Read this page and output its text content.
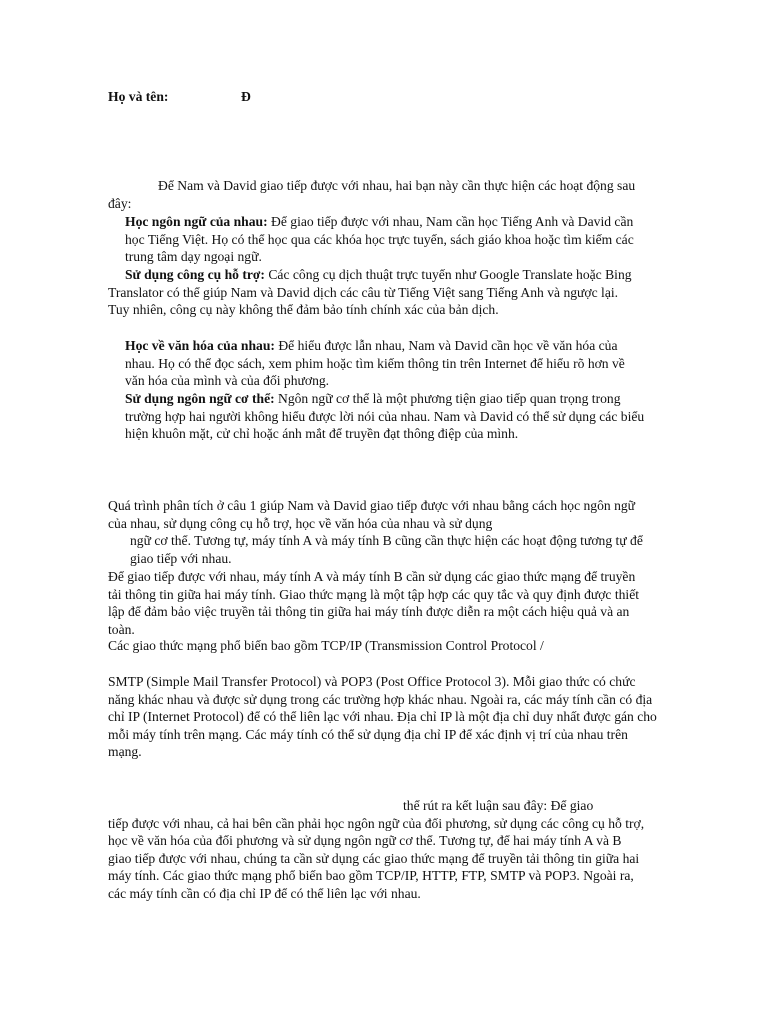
Họ và tên:	Đ
Để Nam và David giao tiếp được với nhau, hai bạn này cần thực hiện các hoạt động sau đây:
Học ngôn ngữ của nhau: Để giao tiếp được với nhau, Nam cần học Tiếng Anh và David cần học Tiếng Việt. Họ có thể học qua các khóa học trực tuyến, sách giáo khoa hoặc tìm kiếm các trung tâm dạy ngoại ngữ.
Sử dụng công cụ hỗ trợ: Các công cụ dịch thuật trực tuyến như Google Translate hoặc Bing Translator có thể giúp Nam và David dịch các câu từ Tiếng Việt sang Tiếng Anh và ngược lại. Tuy nhiên, công cụ này không thể đảm bảo tính chính xác của bản dịch.
Học về văn hóa của nhau: Để hiểu được lẫn nhau, Nam và David cần học về văn hóa của nhau. Họ có thể đọc sách, xem phim hoặc tìm kiếm thông tin trên Internet để hiểu rõ hơn về văn hóa của mình và của đối phương.
Sử dụng ngôn ngữ cơ thể: Ngôn ngữ cơ thể là một phương tiện giao tiếp quan trọng trong trường hợp hai người không hiểu được lời nói của nhau. Nam và David có thể sử dụng các biểu hiện khuôn mặt, cử chỉ hoặc ánh mắt để truyền đạt thông điệp của mình.
Quá trình phân tích ở câu 1 giúp Nam và David giao tiếp được với nhau bằng cách học ngôn ngữ của nhau, sử dụng công cụ hỗ trợ, học về văn hóa của nhau và sử dụng
ngữ cơ thể. Tương tự, máy tính A và máy tính B cũng cần thực hiện các hoạt động tương tự để giao tiếp với nhau.
Để giao tiếp được với nhau, máy tính A và máy tính B cần sử dụng các giao thức mạng để truyền tải thông tin giữa hai máy tính. Giao thức mạng là một tập hợp các quy tắc và quy định được thiết lập để đảm bảo việc truyền tải thông tin giữa hai máy tính được diễn ra một cách hiệu quả và an toàn.
Các giao thức mạng phổ biến bao gồm TCP/IP (Transmission Control Protocol /
SMTP (Simple Mail Transfer Protocol) và POP3 (Post Office Protocol 3). Mỗi giao thức có chức năng khác nhau và được sử dụng trong các trường hợp khác nhau. Ngoài ra, các máy tính cần có địa chỉ IP (Internet Protocol) để có thể liên lạc với nhau. Địa chỉ IP là một địa chỉ duy nhất được gán cho mỗi máy tính trên mạng. Các máy tính có thể sử dụng địa chỉ IP để xác định vị trí của nhau trên mạng.
thể rút ra kết luận sau đây: Để giao
tiếp được với nhau, cả hai bên cần phải học ngôn ngữ của đối phương, sử dụng các công cụ hỗ trợ, học về văn hóa của đối phương và sử dụng ngôn ngữ cơ thể. Tương tự, để hai máy tính A và B giao tiếp được với nhau, chúng ta cần sử dụng các giao thức mạng để truyền tải thông tin giữa hai máy tính. Các giao thức mạng phổ biến bao gồm TCP/IP, HTTP, FTP, SMTP và POP3. Ngoài ra, các máy tính cần có địa chỉ IP để có thể liên lạc với nhau.
